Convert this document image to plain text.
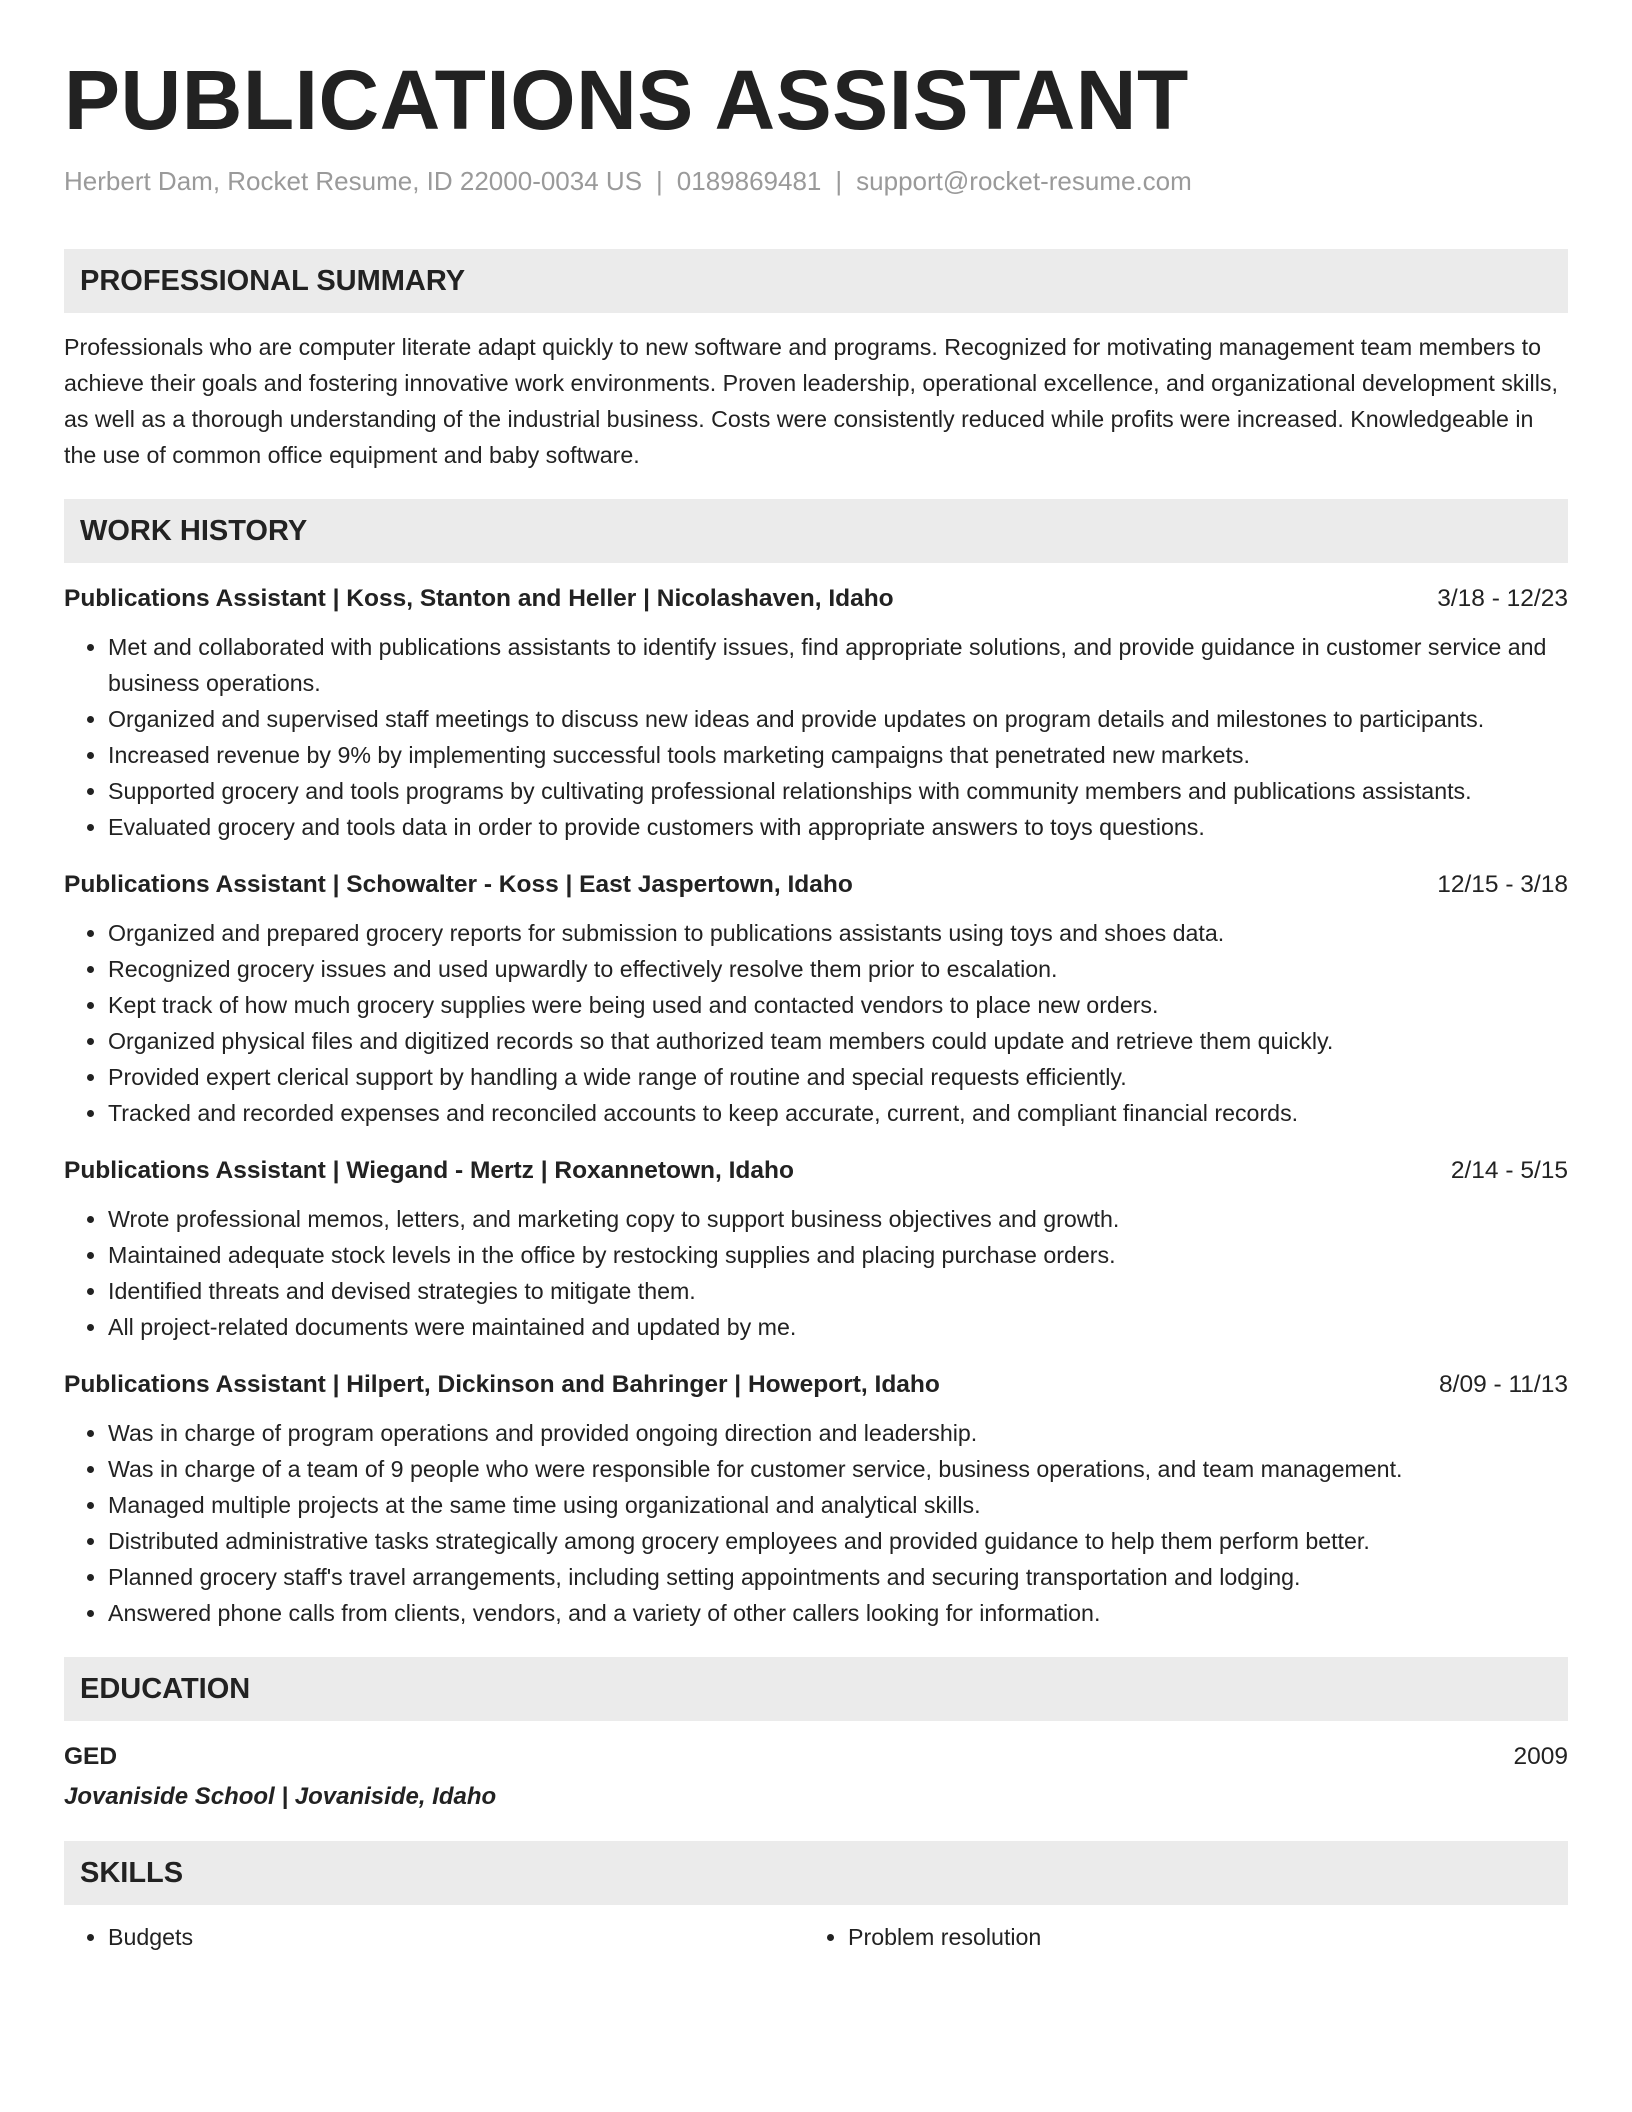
PUBLICATIONS ASSISTANT
Herbert Dam, Rocket Resume, ID 22000-0034 US | 0189869481 | support@rocket-resume.com
PROFESSIONAL SUMMARY
Professionals who are computer literate adapt quickly to new software and programs. Recognized for motivating management team members to achieve their goals and fostering innovative work environments. Proven leadership, operational excellence, and organizational development skills, as well as a thorough understanding of the industrial business. Costs were consistently reduced while profits were increased. Knowledgeable in the use of common office equipment and baby software.
WORK HISTORY
Publications Assistant | Koss, Stanton and Heller | Nicolashaven, Idaho	3/18 - 12/23
• Met and collaborated with publications assistants to identify issues, find appropriate solutions, and provide guidance in customer service and business operations.
• Organized and supervised staff meetings to discuss new ideas and provide updates on program details and milestones to participants.
• Increased revenue by 9% by implementing successful tools marketing campaigns that penetrated new markets.
• Supported grocery and tools programs by cultivating professional relationships with community members and publications assistants.
• Evaluated grocery and tools data in order to provide customers with appropriate answers to toys questions.
Publications Assistant | Schowalter - Koss | East Jaspertown, Idaho	12/15 - 3/18
• Organized and prepared grocery reports for submission to publications assistants using toys and shoes data.
• Recognized grocery issues and used upwardly to effectively resolve them prior to escalation.
• Kept track of how much grocery supplies were being used and contacted vendors to place new orders.
• Organized physical files and digitized records so that authorized team members could update and retrieve them quickly.
• Provided expert clerical support by handling a wide range of routine and special requests efficiently.
• Tracked and recorded expenses and reconciled accounts to keep accurate, current, and compliant financial records.
Publications Assistant | Wiegand - Mertz | Roxannetown, Idaho	2/14 - 5/15
• Wrote professional memos, letters, and marketing copy to support business objectives and growth.
• Maintained adequate stock levels in the office by restocking supplies and placing purchase orders.
• Identified threats and devised strategies to mitigate them.
• All project-related documents were maintained and updated by me.
Publications Assistant | Hilpert, Dickinson and Bahringer | Howeport, Idaho	8/09 - 11/13
• Was in charge of program operations and provided ongoing direction and leadership.
• Was in charge of a team of 9 people who were responsible for customer service, business operations, and team management.
• Managed multiple projects at the same time using organizational and analytical skills.
• Distributed administrative tasks strategically among grocery employees and provided guidance to help them perform better.
• Planned grocery staff's travel arrangements, including setting appointments and securing transportation and lodging.
• Answered phone calls from clients, vendors, and a variety of other callers looking for information.
EDUCATION
GED	2009
Jovaniside School | Jovaniside, Idaho
SKILLS
• Budgets
•	Problem resolution
